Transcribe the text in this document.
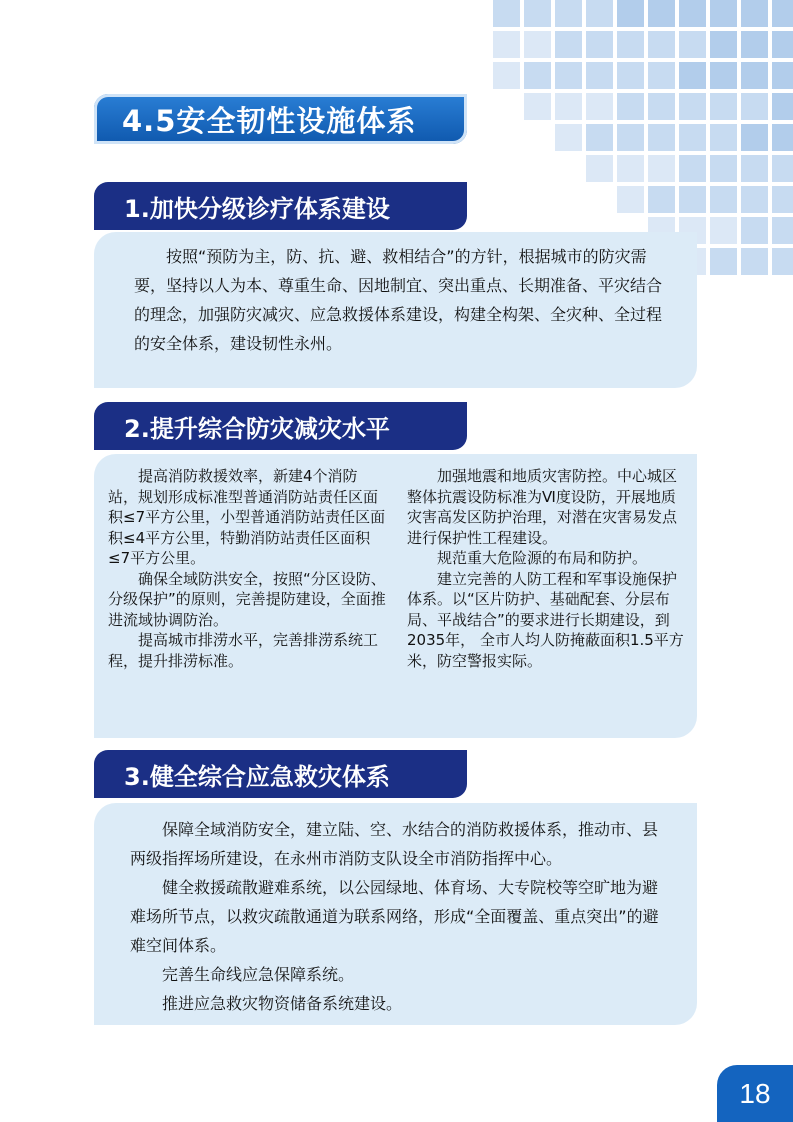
4.5安全韧性设施体系
1.加快分级诊疗体系建设

按照“预防为主，防、抗、避、救相结合”的方针，根据城市的防灾需要，坚持以人为本、尊重生命、因地制宜、突出重点、长期准备、平灾结合的理念，加强防灾减灾、应急救援体系建设，构建全构架、全灾种、全过程的安全体系，建设韧性永州。

2.提升综合防灾减灾水平

提高消防救援效率，新建4个消防站，规划形成标准型普通消防站责任区面积≤7平方公里，小型普通消防站责任区面积≤4平方公里，特勤消防站责任区面积≤7平方公里。

确保全域防洪安全，按照“分区设防、分级保护”的原则，完善提防建设，全面推进流域协调防治。

提高城市排涝水平，完善排涝系统工程，提升排涝标准。

加强地震和地质灾害防控。中心城区整体抗震设防标准为Ⅵ度设防，开展地质灾害高发区防护治理，对潜在灾害易发点进行保护性工程建设。

规范重大危险源的布局和防护。

建立完善的人防工程和军事设施保护体系。以“区片防护、基础配套、分层布局、平战结合”的要求进行长期建设，到2035年， 全市人均人防掩蔽面积1.5平方米，防空警报实际。

3.健全综合应急救灾体系

保障全域消防安全，建立陆、空、水结合的消防救援体系，推动市、县两级指挥场所建设，在永州市消防支队设全市消防指挥中心。

健全救援疏散避难系统，以公园绿地、体育场、大专院校等空旷地为避难场所节点，以救灾疏散通道为联系网络，形成“全面覆盖、重点突出”的避难空间体系。

完善生命线应急保障系统。

推进应急救灾物资储备系统建设。

18
